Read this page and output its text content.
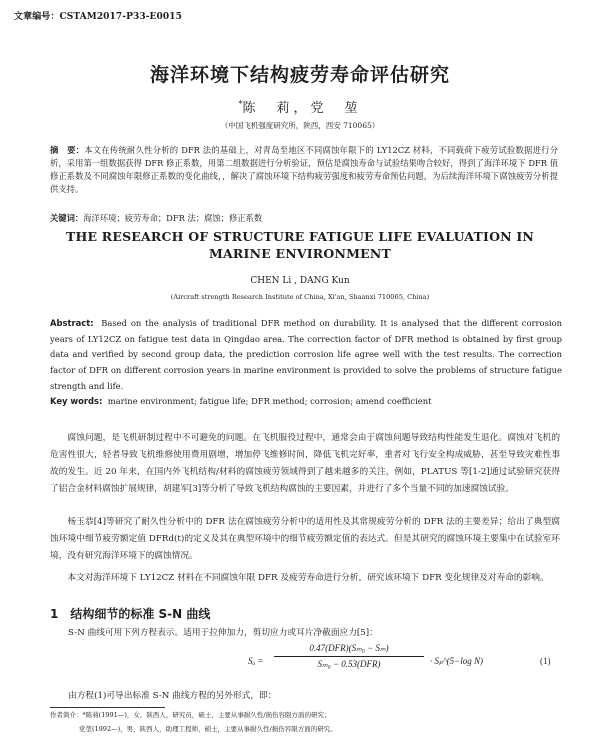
文章编号：CSTAM2017-P33-E0015
海洋环境下结构疲劳寿命评估研究
*陈　莉，党　堃
（中国飞机强度研究所，陕西，西安 710065）
摘　要：本文在传统耐久性分析的 DFR 法的基础上，对青岛至地区不同腐蚀年限下的 LY12CZ 材料，不同载荷下疲劳试验数据进行分析，采用第一组数据获得 DFR 修正系数，用第二组数据进行分析验证，预估是腐蚀寿命与试验结果吻合较好，得到了海洋环境下 DFR 值修正系数及不同腐蚀年限修正系数的变化曲线，，解决了腐蚀环境下结构疲劳强度和疲劳寿命预估问题，为后续海洋环境下腐蚀疲劳分析提供支持。
关键词：海洋环境；疲劳寿命；DFR 法；腐蚀；修正系数
THE RESEARCH OF STRUCTURE FATIGUE LIFE EVALUATION IN
MARINE ENVIRONMENT
CHEN Li , DANG Kun
(Aircraft strength Research Institute of China, Xi'an, Shaanxi 710065, China)
Abstract: Based on the analysis of traditional DFR method on durability. It is analysed that the different corrosion years of LY12CZ on fatigue test data in Qingdao area. The correction factor of DFR method is obtained by first group data and verified by second group data, the prediction corrosion life agree well with the test results. The correction factor of DFR on different corrosion years in marine environment is provided to solve the problems of structure fatigue strength and life.
Key words: marine environment; fatigue life; DFR method; corrosion; amend coefficient
腐蚀问题，是飞机研制过程中不可避免的问题。在飞机服役过程中，通常会由于腐蚀问题导致结构性能发生退化。腐蚀对飞机的危害性很大，轻者导致飞机维修使用费用剧增，增加停飞维修时间，降低飞机完好率，重者对飞行安全构成威胁，甚至导致灾难性事故的发生。近 20 年来，在国内外飞机结构/材料的腐蚀疲劳领域得到了越来越多的关注，例如，PLATUS 等[1-2]通过试验研究获得了铝合金材料腐蚀扩展规律，胡建军[3]等分析了导致飞机结构腐蚀的主要因素，并进行了多个当量不同的加速腐蚀试验。
杨玉恭[4]等研究了耐久性分析中的 DFR 法在腐蚀疲劳分析中的适用性及其常规疲劳分析的 DFR 法的主要差异；给出了典型腐蚀环境中细节疲劳额定值 DFRd(t)的定义及其在典型环境中的细节疲劳额定值的表达式。但是其研究的腐蚀环境主要集中在试验室环境，没有研究海洋环境下的腐蚀情况。
本文对海洋环境下 LY12CZ 材料在不同腐蚀年限 DFR 及疲劳寿命进行分析，研究该环境下 DFR 变化规律及对寿命的影响。
1 结构细节的标准 S-N 曲线
S-N 曲线可用下列方程表示。适用于拉伸加力，剪切应力或耳片净截面应力[5]：
Sₐ =
0.47(DFR)(Sₘ₀ − Sₘ)
Sₘ₀ − 0.53(DFR)	· Sₚ^(5−log N)	(1)
由方程(1)可导出标准 S-N 曲线方程的另外形式，即：
作者简介：*陈莉(1991—)，女，陕西人，研究员，硕士，主要从事耐久性/损伤容限方面的研究；
党堃(1992—)，男，陕西人，助理工程师，硕士，主要从事耐久性/损伤容限方面的研究。
